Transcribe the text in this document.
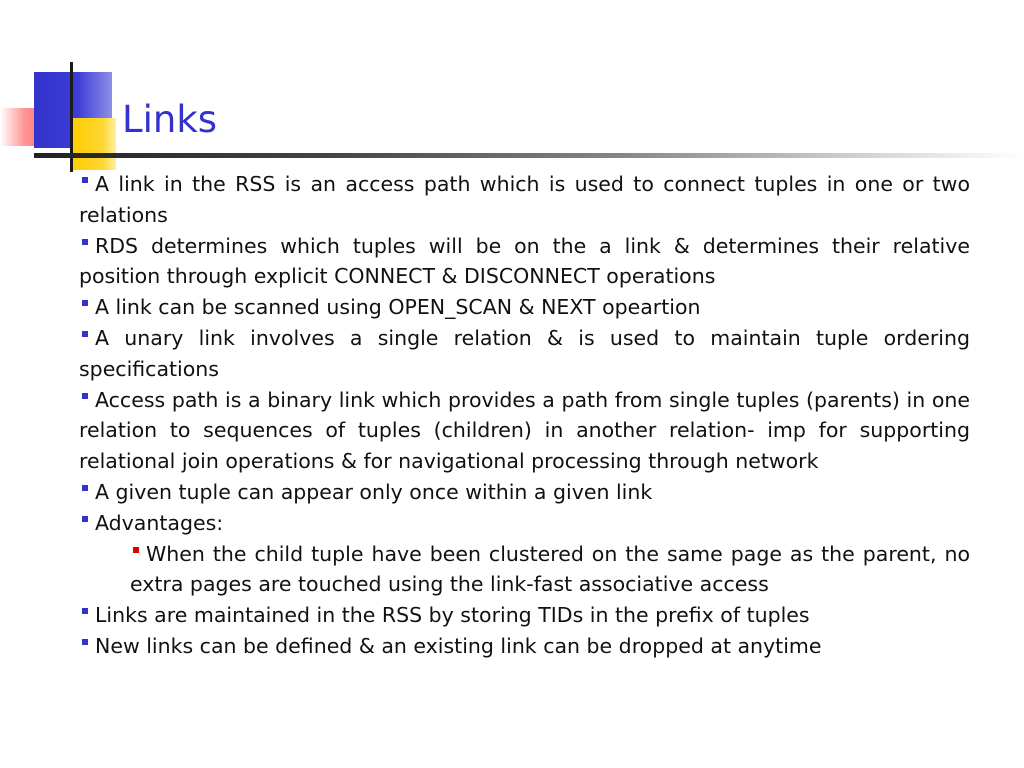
Links

A link in the RSS is an access path which is used to connect tuples in one or two relations

RDS determines which tuples will be on the a link & determines their relative position through explicit CONNECT & DISCONNECT operations

A link can be scanned using OPEN_SCAN & NEXT opeartion

A unary link involves a single relation & is used to maintain tuple ordering specifications

Access path is a binary link which provides a path from single tuples (parents) in one relation to sequences of tuples (children) in another relation- imp for supporting relational join operations & for navigational processing through network

A given tuple can appear only once within a given link

Advantages:

When the child tuple have been clustered on the same page as the parent, no extra pages are touched using the link-fast associative access

Links are maintained in the RSS by storing TIDs in the prefix of tuples

New links can be defined & an existing link can be dropped at anytime
